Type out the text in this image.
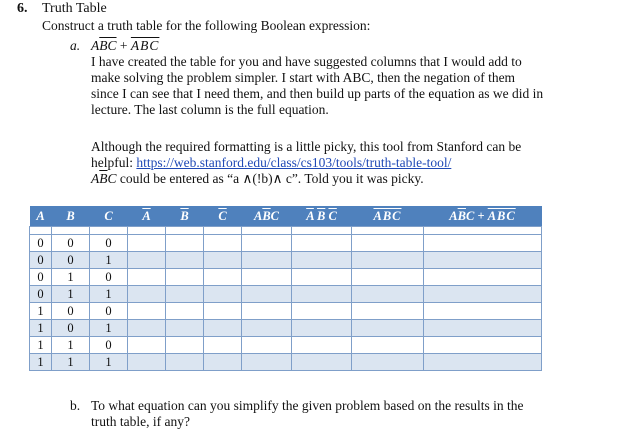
6. Truth Table
Construct a truth table for the following Boolean expression:
a. $A\overline{BC} + \overline{ABC}$
I have created the table for you and have suggested columns that I would add to
make solving the problem simpler. I start with ABC, then the negation of them
since I can see that I need them, and then build up parts of the equation as we did in
lecture. The last column is the full equation.
Although the required formatting is a little picky, this tool from Stanford can be
helpful: https://web.stanford.edu/class/cs103/tools/truth-table-tool/
$A\overline{B}C$ could be entered as “a ∧(!b)∧ c”. Told you it was picky.
A	B	C	$\overline{A}$	$\overline{B}$	$\overline{C}$	$A\overline{B}C$	$\overline{A}$ $\overline{B}$ $\overline{C}$	$\overline{ABC}$	$A\overline{B}C + \overline{ABC}$

0	0	0							
0	0	1							
0	1	0							
0	1	1							
1	0	0							
1	0	1							
1	1	0							
1	1	1							
b. To what equation can you simplify the given problem based on the results in the
truth table, if any?
